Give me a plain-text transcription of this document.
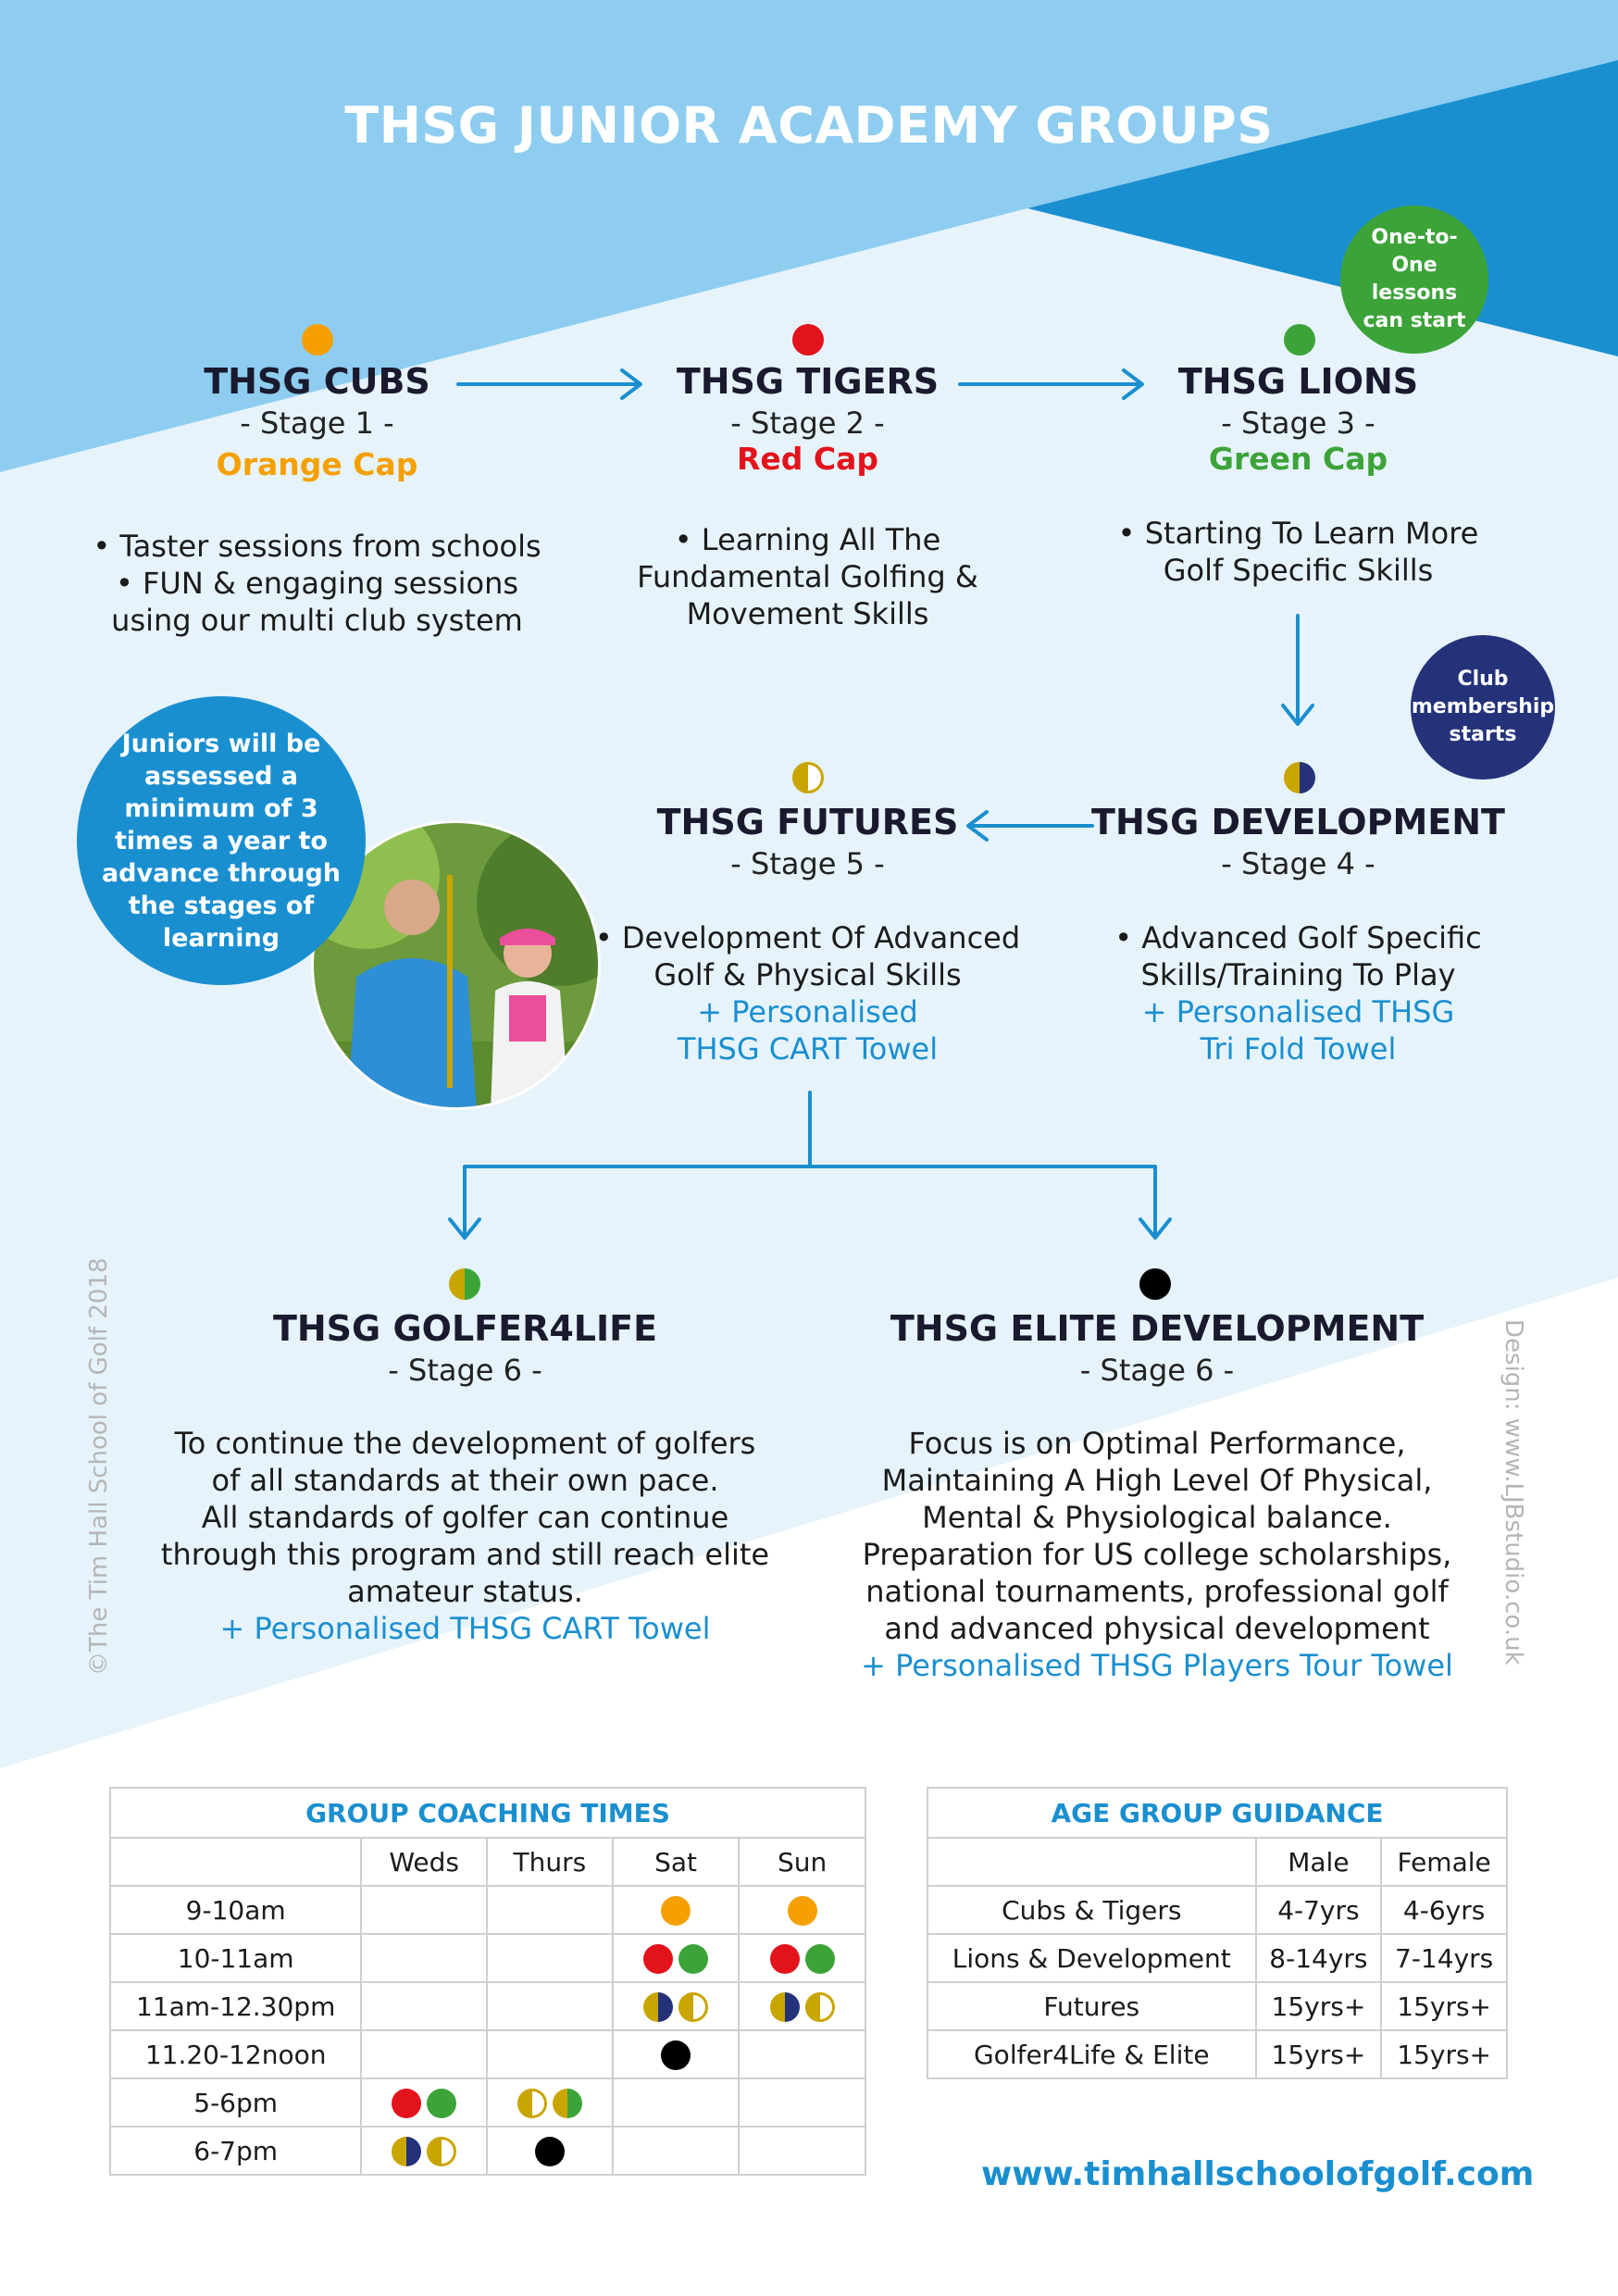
THSG JUNIOR ACADEMY GROUPS
One-to-One lessons can start
Club membership starts
Juniors will be assessed a minimum of 3 times a year to advance through the stages of learning
THSG CUBS
- Stage 1 -
Orange Cap
• Taster sessions from schools
• FUN & engaging sessions
using our multi club system
THSG TIGERS
- Stage 2 -
Red Cap
• Learning All The
Fundamental Golfing &
Movement Skills
THSG LIONS
- Stage 3 -
Green Cap
• Starting To Learn More
Golf Specific Skills
THSG DEVELOPMENT
- Stage 4 -
• Advanced Golf Specific
Skills/Training To Play
+ Personalised THSG
Tri Fold Towel
THSG FUTURES
- Stage 5 -
• Development Of Advanced
Golf & Physical Skills
+ Personalised
THSG CART Towel
THSG GOLFER4LIFE
- Stage 6 -
To continue the development of golfers
of all standards at their own pace.
All standards of golfer can continue
through this program and still reach elite
amateur status.
+ Personalised THSG CART Towel
THSG ELITE DEVELOPMENT
- Stage 6 -
Focus is on Optimal Performance,
Maintaining A High Level Of Physical,
Mental & Physiological balance.
Preparation for US college scholarships,
national tournaments, professional golf
and advanced physical development
+ Personalised THSG Players Tour Towel
©The Tim Hall School of Golf 2018	Design: www.LJBstudio.co.uk
GROUP COACHING TIMES				
	Weds	Thurs	Sat	Sun
9-10am				
10-11am				
11am-12.30pm				
11.20-12noon				
5-6pm				
6-7pm				
AGE GROUP GUIDANCE		
	Male	Female
Cubs & Tigers	4-7yrs	4-6yrs
Lions & Development	8-14yrs	7-14yrs
Futures	15yrs+	15yrs+
Golfer4Life & Elite	15yrs+	15yrs+
www.timhallschoolofgolf.com
